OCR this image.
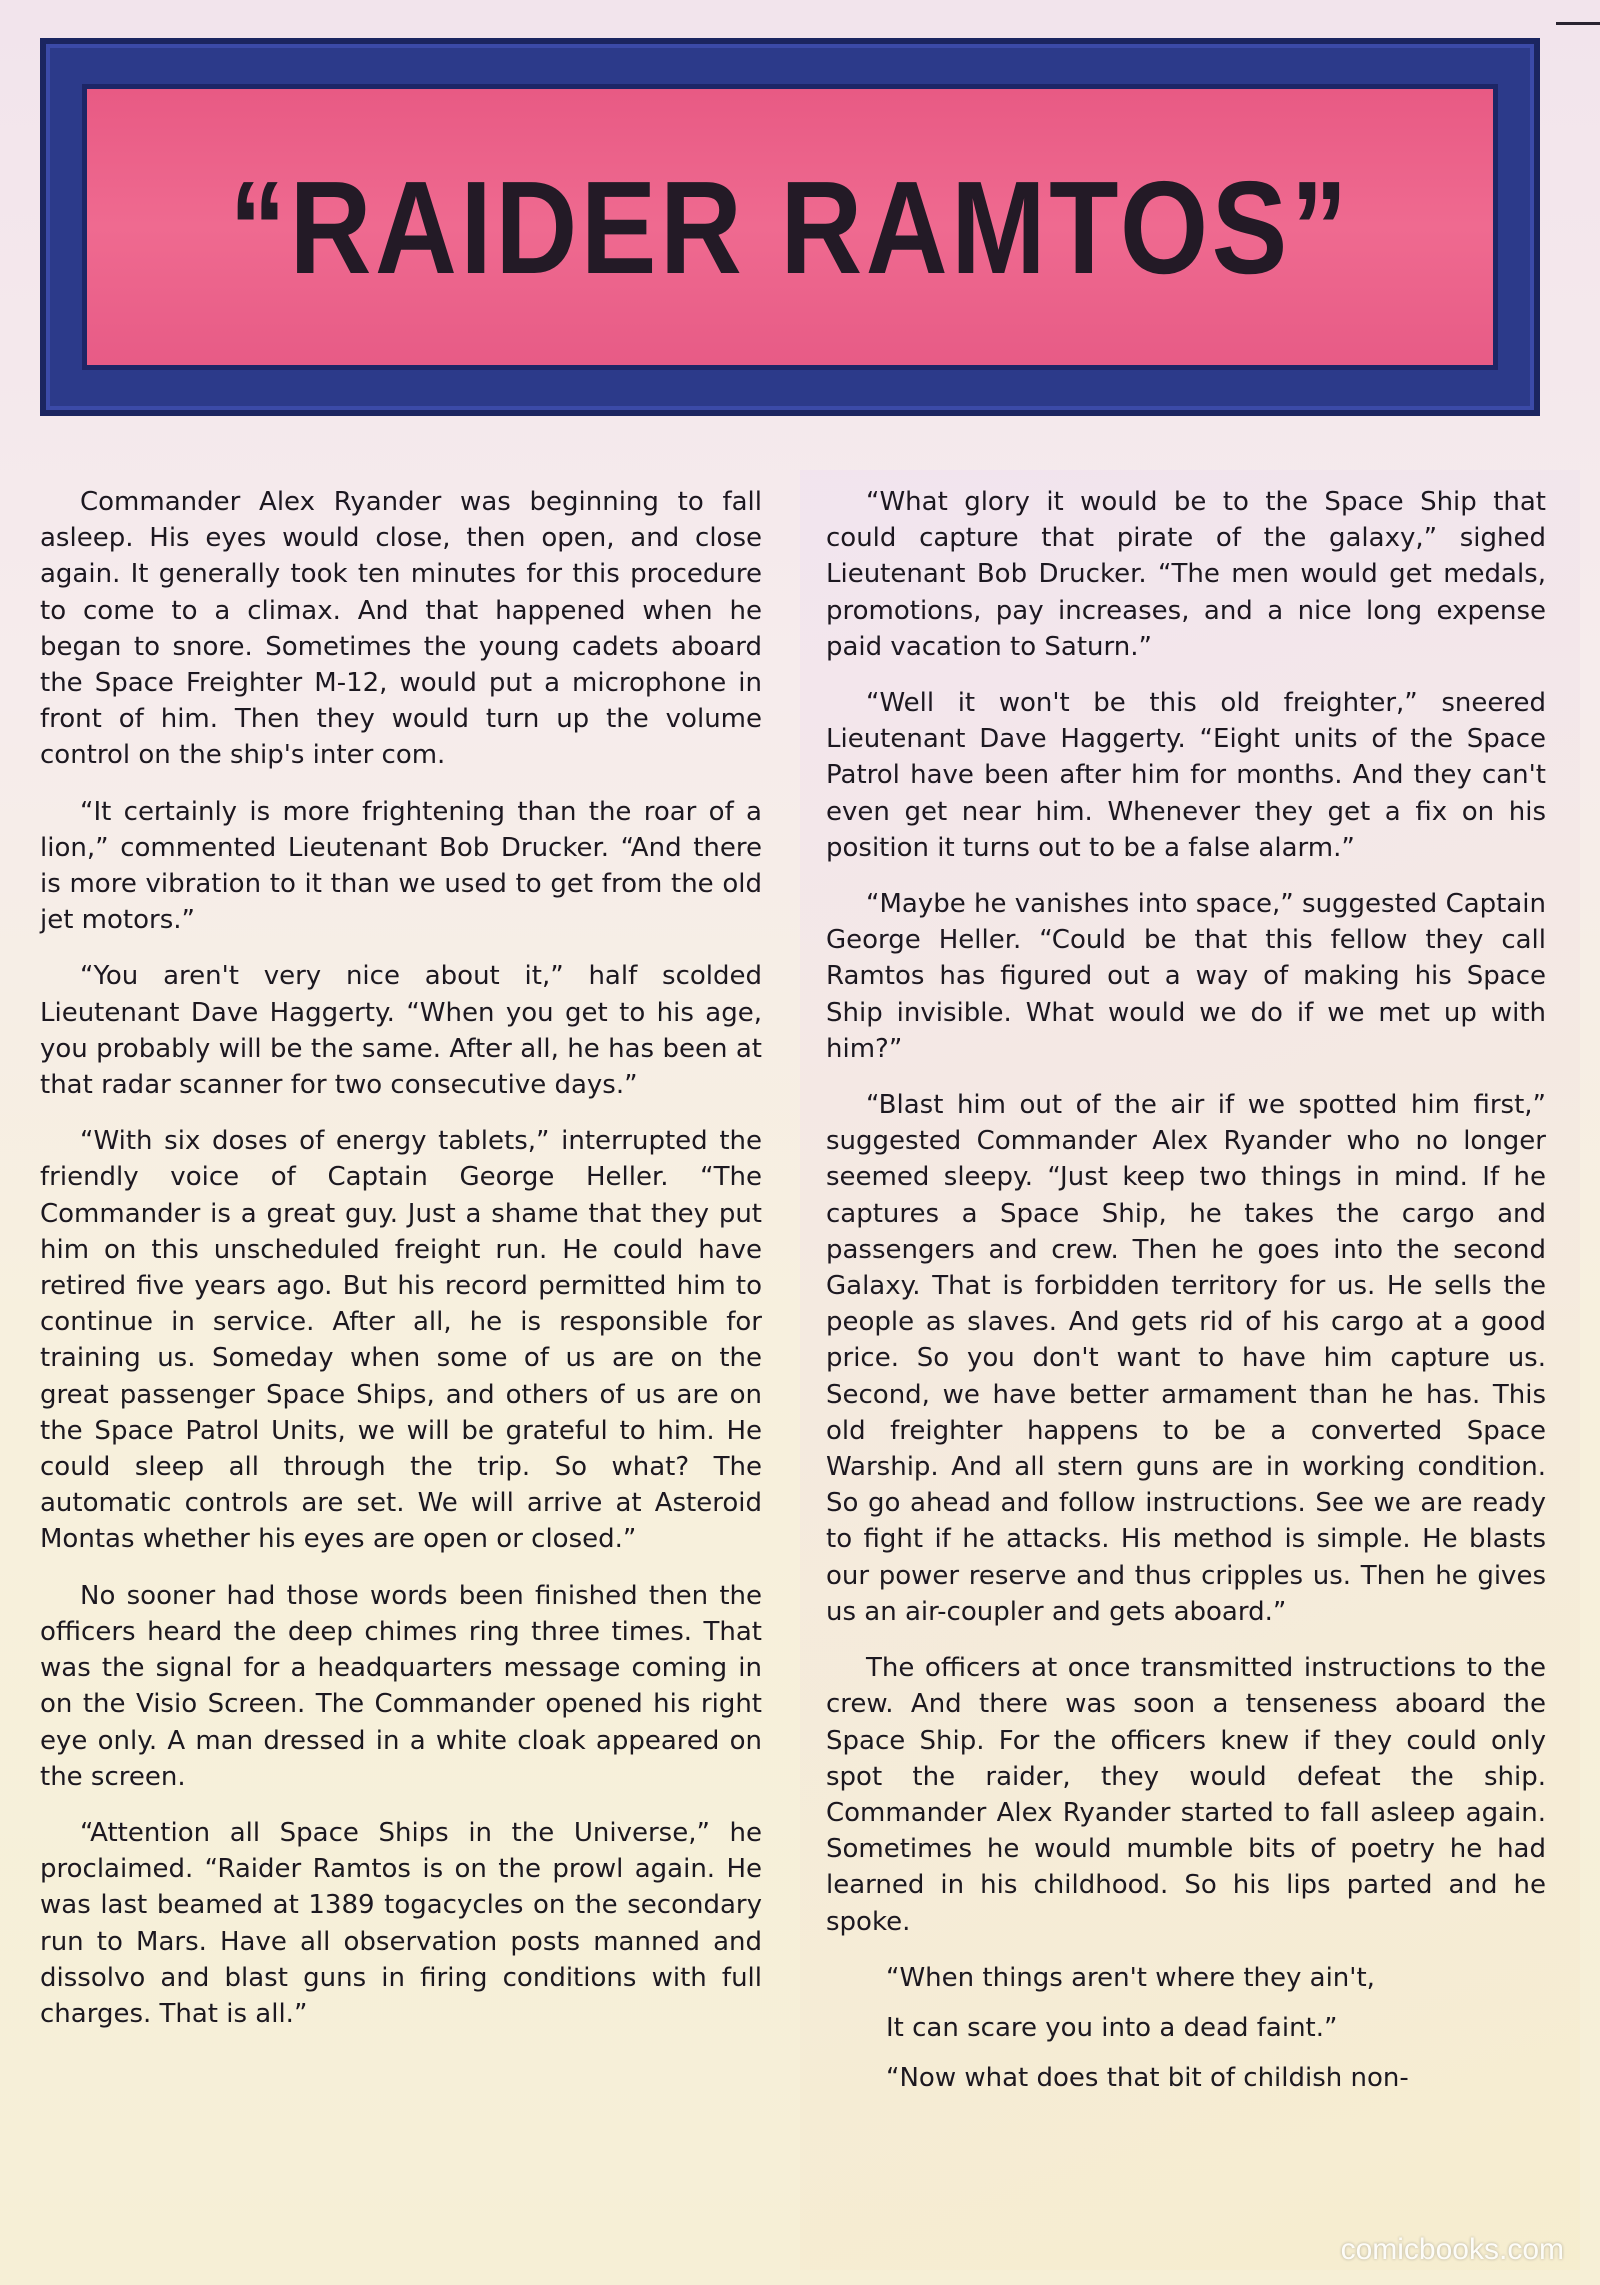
“RAIDER RAMTOS”

Commander Alex Ryander was beginning to fall asleep. His eyes would close, then open, and close again. It generally took ten minutes for this procedure to come to a climax. And that happened when he began to snore. Sometimes the young cadets aboard the Space Freighter M-12, would put a microphone in front of him. Then they would turn up the volume control on the ship's inter com.

“It certainly is more frightening than the roar of a lion,” commented Lieutenant Bob Drucker. “And there is more vibration to it than we used to get from the old jet motors.”

“You aren't very nice about it,” half scolded Lieutenant Dave Haggerty. “When you get to his age, you probably will be the same. After all, he has been at that radar scanner for two consecutive days.”

“With six doses of energy tablets,” interrupted the friendly voice of Captain George Heller. “The Commander is a great guy. Just a shame that they put him on this unscheduled freight run. He could have retired five years ago. But his record permitted him to continue in service. After all, he is responsible for training us. Someday when some of us are on the great passenger Space Ships, and others of us are on the Space Patrol Units, we will be grateful to him. He could sleep all through the trip. So what? The automatic controls are set. We will arrive at Asteroid Montas whether his eyes are open or closed.”

No sooner had those words been finished then the officers heard the deep chimes ring three times. That was the signal for a headquarters message coming in on the Visio Screen. The Commander opened his right eye only. A man dressed in a white cloak appeared on the screen.

“Attention all Space Ships in the Universe,” he proclaimed. “Raider Ramtos is on the prowl again. He was last beamed at 1389 togacycles on the secondary run to Mars. Have all observation posts manned and dissolvo and blast guns in firing conditions with full charges. That is all.”

“What glory it would be to the Space Ship that could capture that pirate of the galaxy,” sighed Lieutenant Bob Drucker. “The men would get medals, promotions, pay increases, and a nice long expense paid vacation to Saturn.”

“Well it won't be this old freighter,” sneered Lieutenant Dave Haggerty. “Eight units of the Space Patrol have been after him for months. And they can't even get near him. Whenever they get a fix on his position it turns out to be a false alarm.”

“Maybe he vanishes into space,” suggested Captain George Heller. “Could be that this fellow they call Ramtos has figured out a way of making his Space Ship invisible. What would we do if we met up with him?”

“Blast him out of the air if we spotted him first,” suggested Commander Alex Ryander who no longer seemed sleepy. “Just keep two things in mind. If he captures a Space Ship, he takes the cargo and passengers and crew. Then he goes into the second Galaxy. That is forbidden territory for us. He sells the people as slaves. And gets rid of his cargo at a good price. So you don't want to have him capture us. Second, we have better armament than he has. This old freighter happens to be a converted Space Warship. And all stern guns are in working condition. So go ahead and follow instructions. See we are ready to fight if he attacks. His method is simple. He blasts our power reserve and thus cripples us. Then he gives us an air-coupler and gets aboard.”

The officers at once transmitted instructions to the crew. And there was soon a tenseness aboard the Space Ship. For the officers knew if they could only spot the raider, they would defeat the ship. Commander Alex Ryander started to fall asleep again. Sometimes he would mumble bits of poetry he had learned in his childhood. So his lips parted and he spoke.

“When things aren't where they ain't,

It can scare you into a dead faint.”

“Now what does that bit of childish non-

comicbooks.com
